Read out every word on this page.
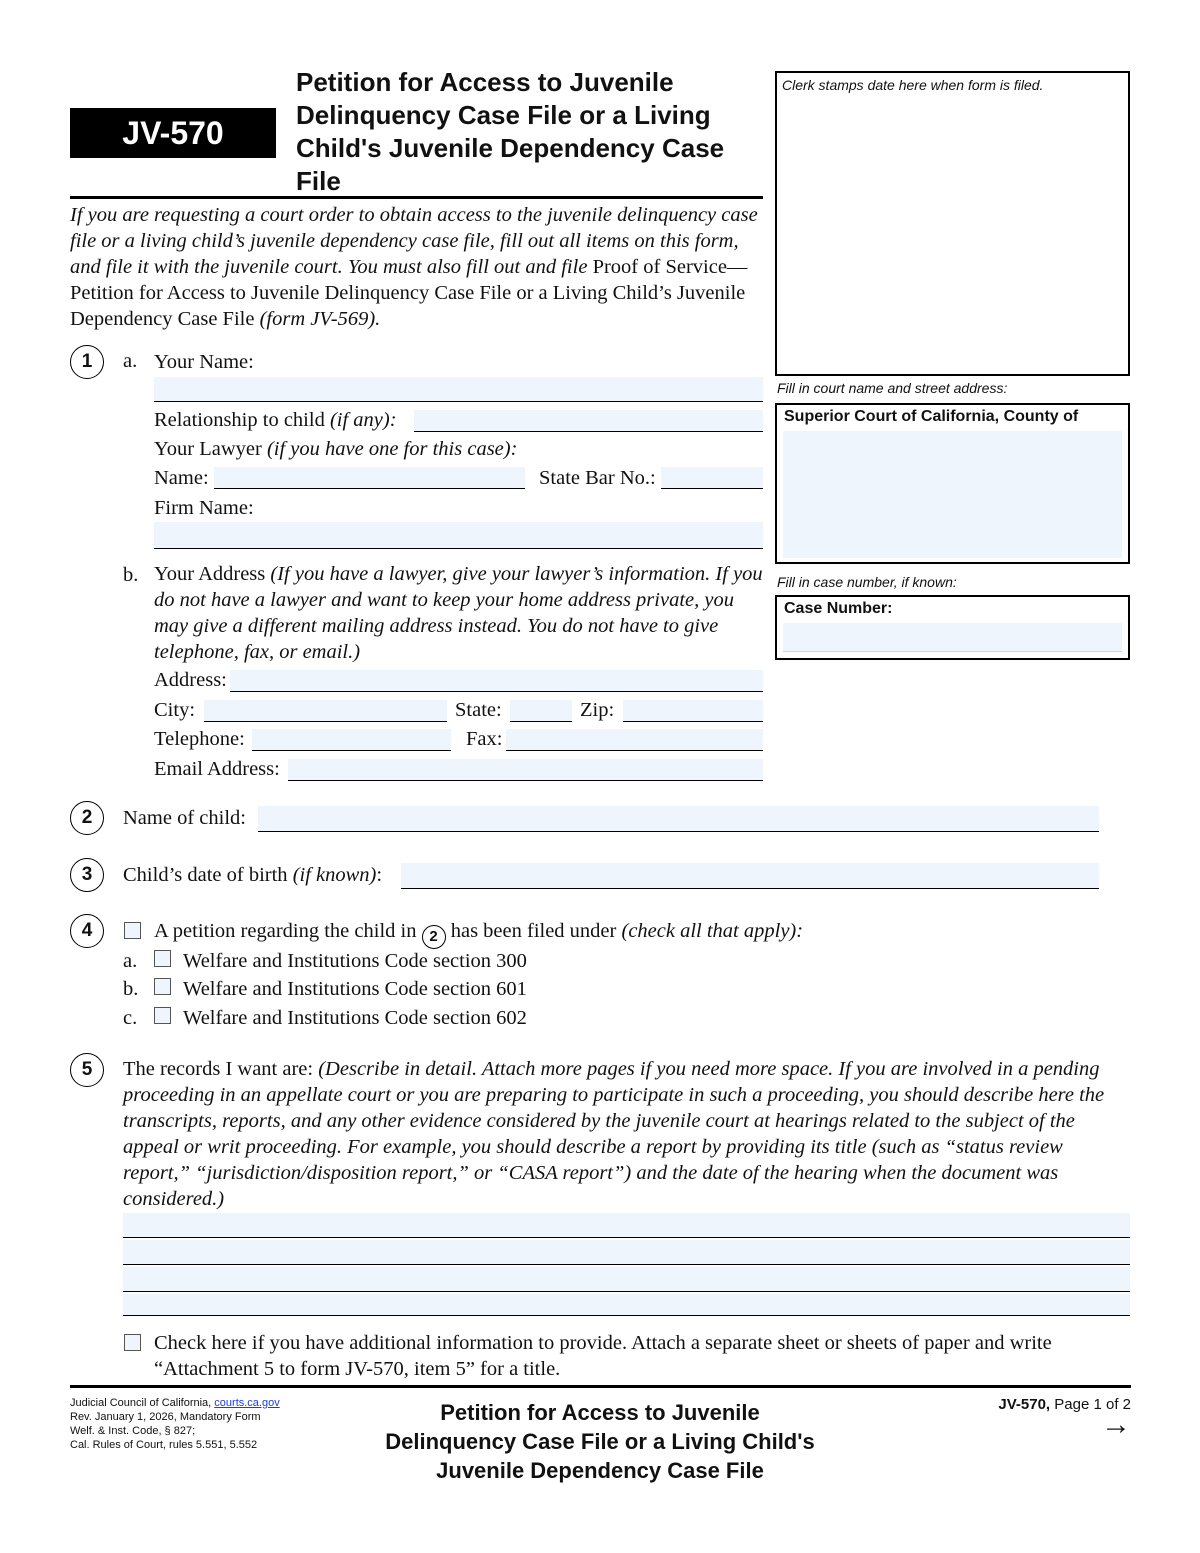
JV-570
Petition for Access to Juvenile Delinquency Case File or a Living Child's Juvenile Dependency Case File
If you are requesting a court order to obtain access to the juvenile delinquency case file or a living child’s juvenile dependency case file, fill out all items on this form, and file it with the juvenile court. You must also fill out and file Proof of Service—Petition for Access to Juvenile Delinquency Case File or a Living Child’s Juvenile Dependency Case File (form JV-569).
Clerk stamps date here when form is filed.
Fill in court name and street address:
Superior Court of California, County of
Fill in case number, if known:
Case Number:
1	a. Your Name:
Relationship to child (if any):
Your Lawyer (if you have one for this case):
Name:	State Bar No.:
Firm Name:
b. Your Address (If you have a lawyer, give your lawyer’s information. If you do not have a lawyer and want to keep your home address private, you may give a different mailing address instead. You do not have to give telephone, fax, or email.)
Address:
City:	State:	Zip:
Telephone:	Fax:
Email Address:
2	Name of child:
3	Child’s date of birth (if known):
4	A petition regarding the child in 2 has been filed under (check all that apply):
a. Welfare and Institutions Code section 300
b. Welfare and Institutions Code section 601
c. Welfare and Institutions Code section 602
5	The records I want are: (Describe in detail. Attach more pages if you need more space. If you are involved in a pending proceeding in an appellate court or you are preparing to participate in such a proceeding, you should describe here the transcripts, reports, and any other evidence considered by the juvenile court at hearings related to the subject of the appeal or writ proceeding. For example, you should describe a report by providing its title (such as “status review report,” “jurisdiction/disposition report,” or “CASA report”) and the date of the hearing when the document was considered.)
Check here if you have additional information to provide. Attach a separate sheet or sheets of paper and write “Attachment 5 to form JV-570, item 5” for a title.
Judicial Council of California, courts.ca.gov
Rev. January 1, 2026, Mandatory Form
Welf. & Inst. Code, § 827;
Cal. Rules of Court, rules 5.551, 5.552
Petition for Access to Juvenile
Delinquency Case File or a Living Child's
Juvenile Dependency Case File
JV-570, Page 1 of 2
→
